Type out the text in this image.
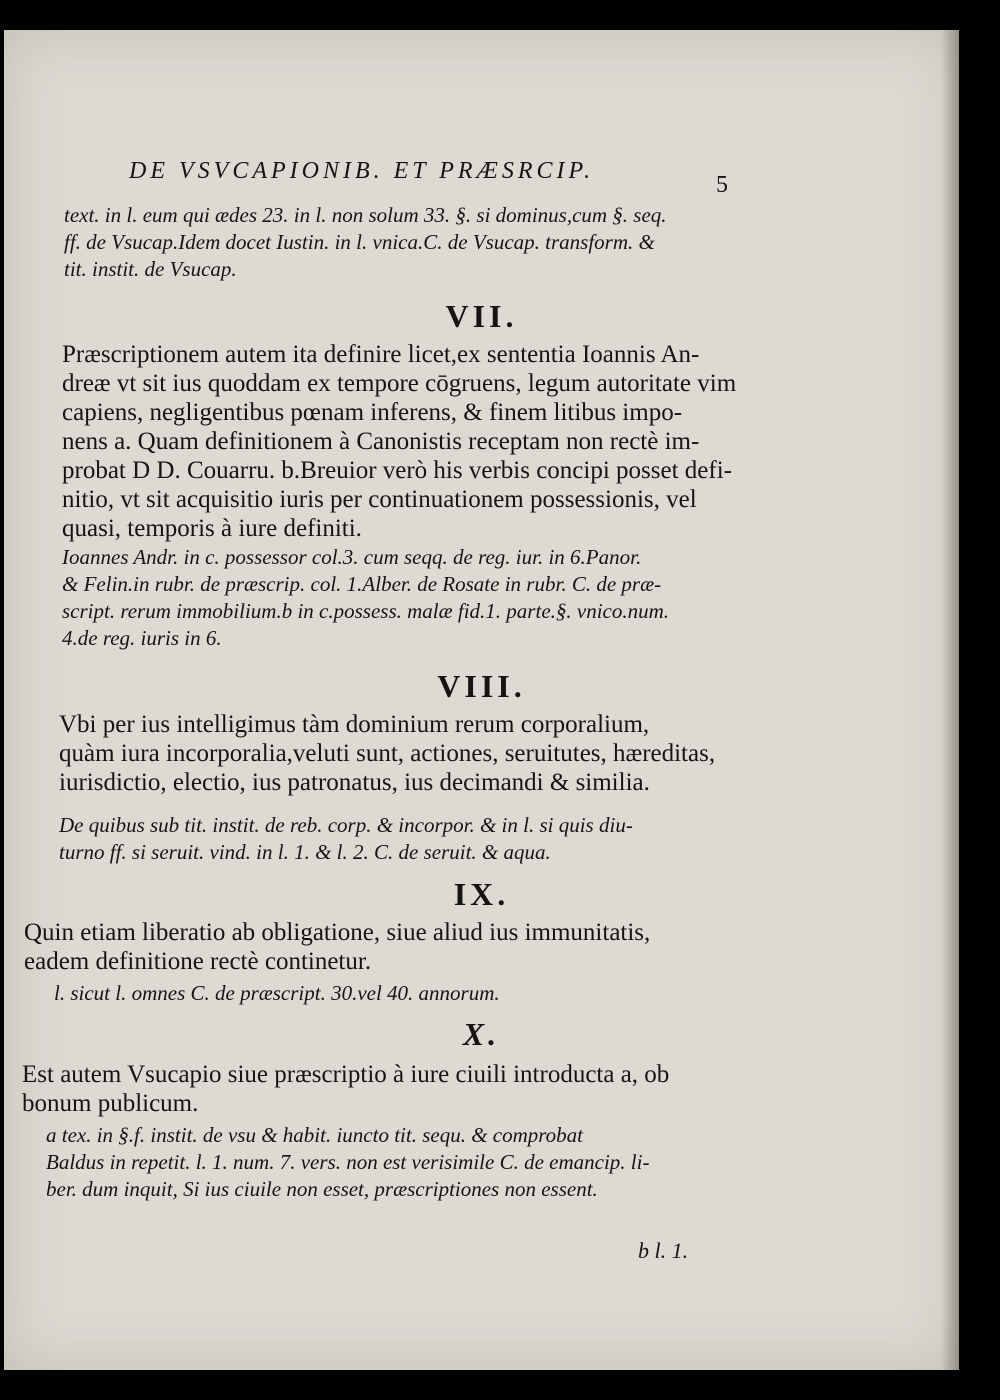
DE VSVCAPIONIB. ET PRÆSRCIP.
5
text. in l. eum qui ædes 23. in l. non solum 33. §. si dominus,cum §. seq.
ff. de Vsucap.Idem docet Iustin. in l. vnica.C. de Vsucap. transform. &
tit. instit. de Vsucap.
VII.
Præscriptionem autem ita definire licet,ex sententia Ioannis An-
dreæ vt sit ius quoddam ex tempore cōgruens, legum autoritate vim
capiens, negligentibus pœnam inferens, & finem litibus impo-
nens a. Quam definitionem à Canonistis receptam non rectè im-
probat D D. Couarru. b.Breuior verò his verbis concipi posset defi-
nitio, vt sit acquisitio iuris per continuationem possessionis, vel
quasi, temporis à iure definiti.
Ioannes Andr. in c. possessor col.3. cum seqq. de reg. iur. in 6.Panor.
& Felin.in rubr. de præscrip. col. 1.Alber. de Rosate in rubr. C. de præ-
script. rerum immobilium.b in c.possess. malæ fid.1. parte.§. vnico.num.
4.de reg. iuris in 6.
VIII.
Vbi per ius intelligimus tàm dominium rerum corporalium,
quàm iura incorporalia,veluti sunt, actiones, seruitutes, hæreditas,
iurisdictio, electio, ius patronatus, ius decimandi & similia.
De quibus sub tit. instit. de reb. corp. & incorpor. & in l. si quis diu-
turno ff. si seruit. vind. in l. 1. & l. 2. C. de seruit. & aqua.
IX.
Quin etiam liberatio ab obligatione, siue aliud ius immunitatis,
eadem definitione rectè continetur.
l. sicut l. omnes C. de præscript. 30.vel 40. annorum.
X.
Est autem Vsucapio siue præscriptio à iure ciuili introducta a, ob
bonum publicum.
a tex. in §.f. instit. de vsu & habit. iuncto tit. sequ. & comprobat
Baldus in repetit. l. 1. num. 7. vers. non est verisimile C. de emancip. li-
ber. dum inquit, Si ius ciuile non esset, præscriptiones non essent.
b l. 1.
